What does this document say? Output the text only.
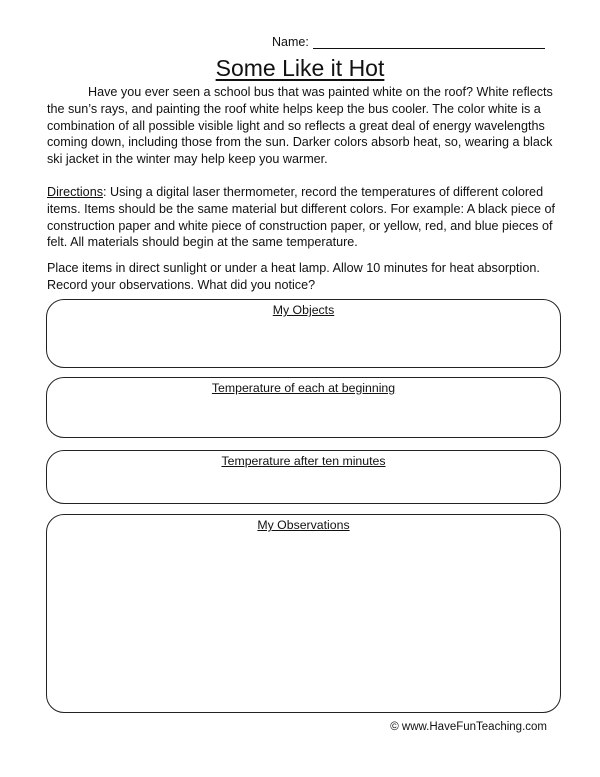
Name:
Some Like it Hot

Have you ever seen a school bus that was painted white on the roof? White reflects the sun’s rays, and painting the roof white helps keep the bus cooler. The color white is a combination of all possible visible light and so reflects a great deal of energy wavelengths coming down, including those from the sun. Darker colors absorb heat, so, wearing a black ski jacket in the winter may help keep you warmer.

Directions: Using a digital laser thermometer, record the temperatures of different colored items. Items should be the same material but different colors. For example: A black piece of construction paper and white piece of construction paper, or yellow, red, and blue pieces of felt. All materials should begin at the same temperature.

Place items in direct sunlight or under a heat lamp. Allow 10 minutes for heat absorption. Record your observations. What did you notice?

My Objects
Temperature of each at beginning
Temperature after ten minutes
My Observations
© www.HaveFunTeaching.com
